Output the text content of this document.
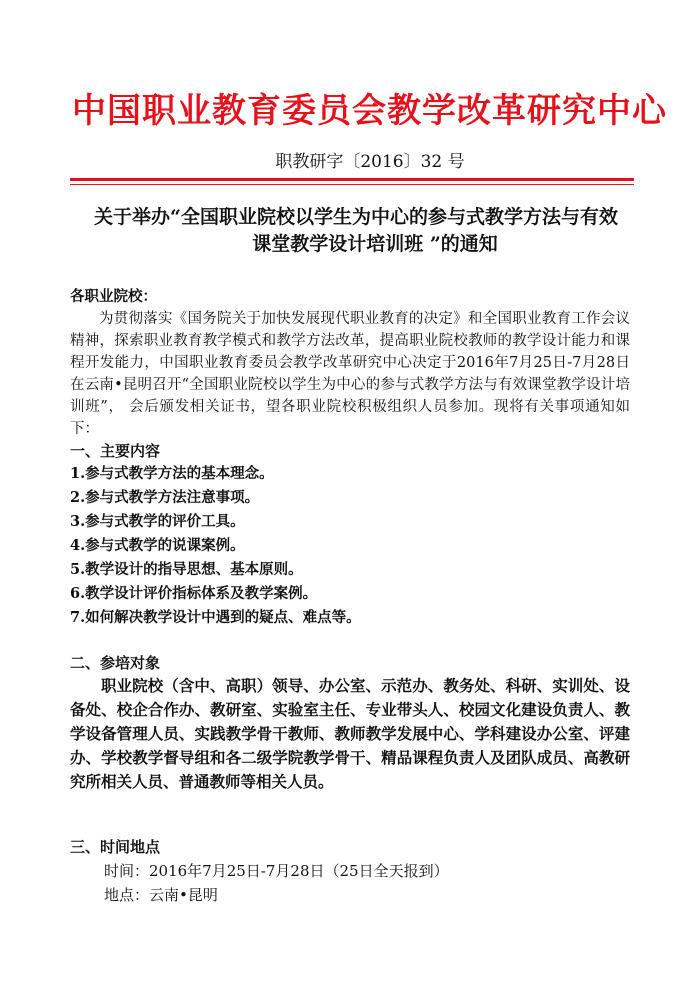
中国职业教育委员会教学改革研究中心
职教研字〔2016〕32 号
关于举办“全国职业院校以学生为中心的参与式教学方法与有效
课堂教学设计培训班 ”的通知

各职业院校：

为贯彻落实《国务院关于加快发展现代职业教育的决定》和全国职业教育工作会议精神，探索职业教育教学模式和教学方法改革，提高职业院校教师的教学设计能力和课程开发能力，中国职业教育委员会教学改革研究中心决定于2016年7月25日-7月28日在云南•昆明召开“全国职业院校以学生为中心的参与式教学方法与有效课堂教学设计培训班”， 会后颁发相关证书，望各职业院校积极组织人员参加。现将有关事项通知如下：

一、主要内容

1.参与式教学方法的基本理念。

2.参与式教学方法注意事项。

3.参与式教学的评价工具。

4.参与式教学的说课案例。

5.教学设计的指导思想、基本原则。

6.教学设计评价指标体系及教学案例。

7.如何解决教学设计中遇到的疑点、难点等。

二、参培对象

职业院校（含中、高职）领导、办公室、示范办、教务处、科研、实训处、设备处、校企合作办、教研室、实验室主任、专业带头人、校园文化建设负责人、教学设备管理人员、实践教学骨干教师、教师教学发展中心、学科建设办公室、评建办、学校教学督导组和各二级学院教学骨干、精品课程负责人及团队成员、高教研究所相关人员、普通教师等相关人员。

三、时间地点
时间：2016年7月25日-7月28日（25日全天报到）
地点：云南•昆明
